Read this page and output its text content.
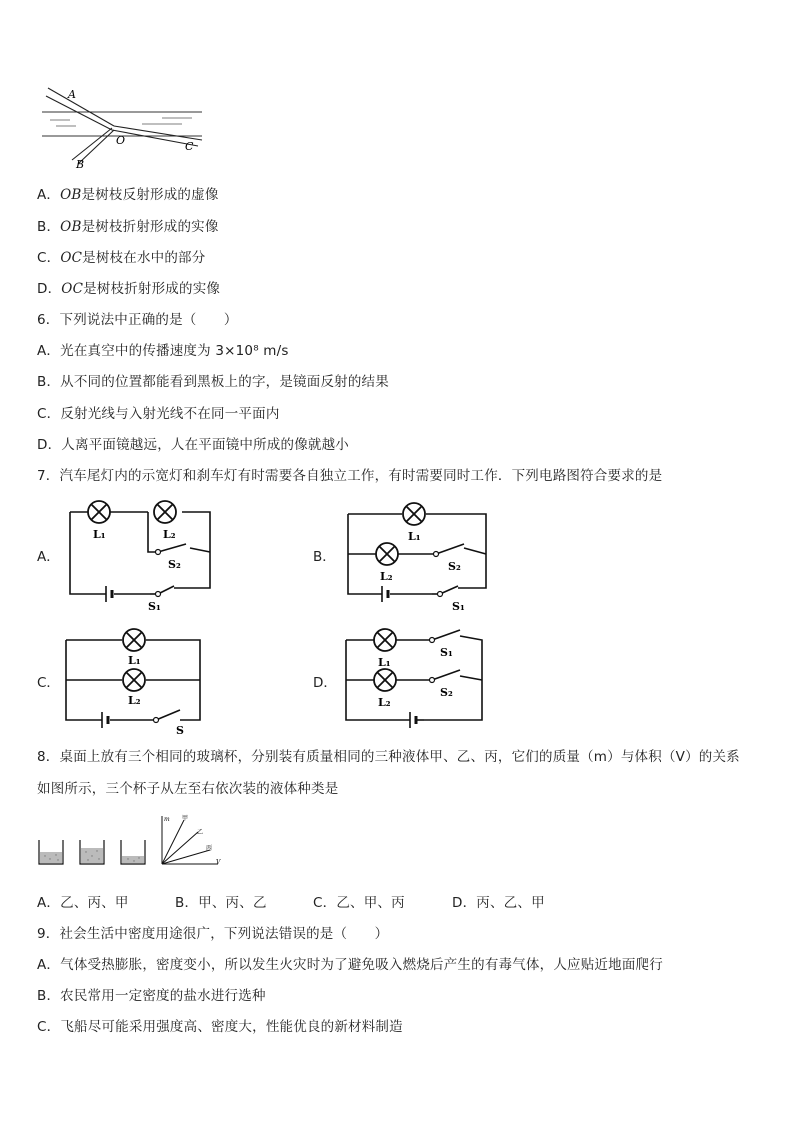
A
O	C
B
A．OB是树枝反射形成的虚像
B．OB是树枝折射形成的实像
C．OC是树枝在水中的部分
D．OC是树枝折射形成的实像
6．下列说法中正确的是（　　）
A．光在真空中的传播速度为 3×10⁸ m/s
B．从不同的位置都能看到黑板上的字，是镜面反射的结果
C．反射光线与入射光线不在同一平面内
D．人离平面镜越远，人在平面镜中所成的像就越小
7．汽车尾灯内的示宽灯和刹车灯有时需要各自独立工作，有时需要同时工作．下列电路图符合要求的是
A．	B．
C．	D．
L₁	L₂
S₂
S₁
L₁
L₂
S₂
S₁
L₁
L₂
S
L₁
L₂
S₁
S₂
8．桌面上放有三个相同的玻璃杯，分别装有质量相同的三种液体甲、乙、丙，它们的质量（m）与体积（V）的关系
如图所示，三个杯子从左至右依次装的液体种类是
m
V
甲
乙
丙
A．乙、丙、甲	B．甲、丙、乙	C．乙、甲、丙	D．丙、乙、甲
9．社会生活中密度用途很广，下列说法错误的是（　　）
A．气体受热膨胀，密度变小，所以发生火灾时为了避免吸入燃烧后产生的有毒气体，人应贴近地面爬行
B．农民常用一定密度的盐水进行选种
C．飞船尽可能采用强度高、密度大，性能优良的新材料制造
